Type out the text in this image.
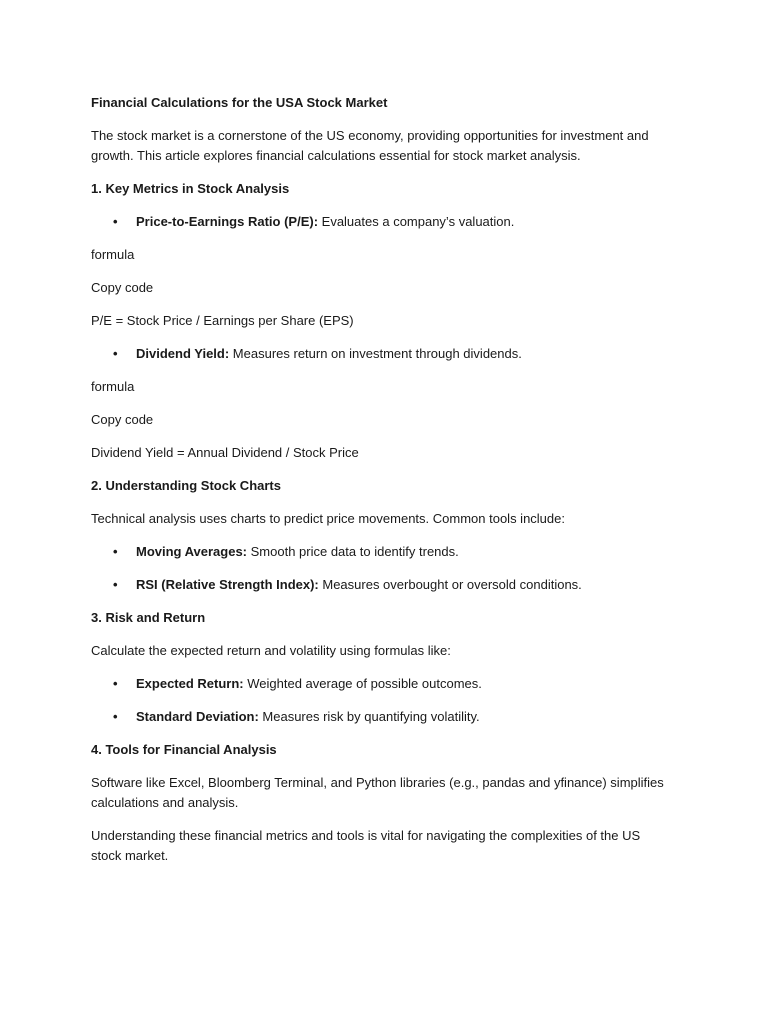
Financial Calculations for the USA Stock Market

The stock market is a cornerstone of the US economy, providing opportunities for investment and growth. This article explores financial calculations essential for stock market analysis.

1. Key Metrics in Stock Analysis

• Price-to-Earnings Ratio (P/E): Evaluates a company’s valuation.

formula

Copy code

P/E = Stock Price / Earnings per Share (EPS)

• Dividend Yield: Measures return on investment through dividends.

formula

Copy code

Dividend Yield = Annual Dividend / Stock Price

2. Understanding Stock Charts

Technical analysis uses charts to predict price movements. Common tools include:

• Moving Averages: Smooth price data to identify trends.
• RSI (Relative Strength Index): Measures overbought or oversold conditions.

3. Risk and Return

Calculate the expected return and volatility using formulas like:

• Expected Return: Weighted average of possible outcomes.
• Standard Deviation: Measures risk by quantifying volatility.

4. Tools for Financial Analysis

Software like Excel, Bloomberg Terminal, and Python libraries (e.g., pandas and yfinance) simplifies calculations and analysis.

Understanding these financial metrics and tools is vital for navigating the complexities of the US stock market.
